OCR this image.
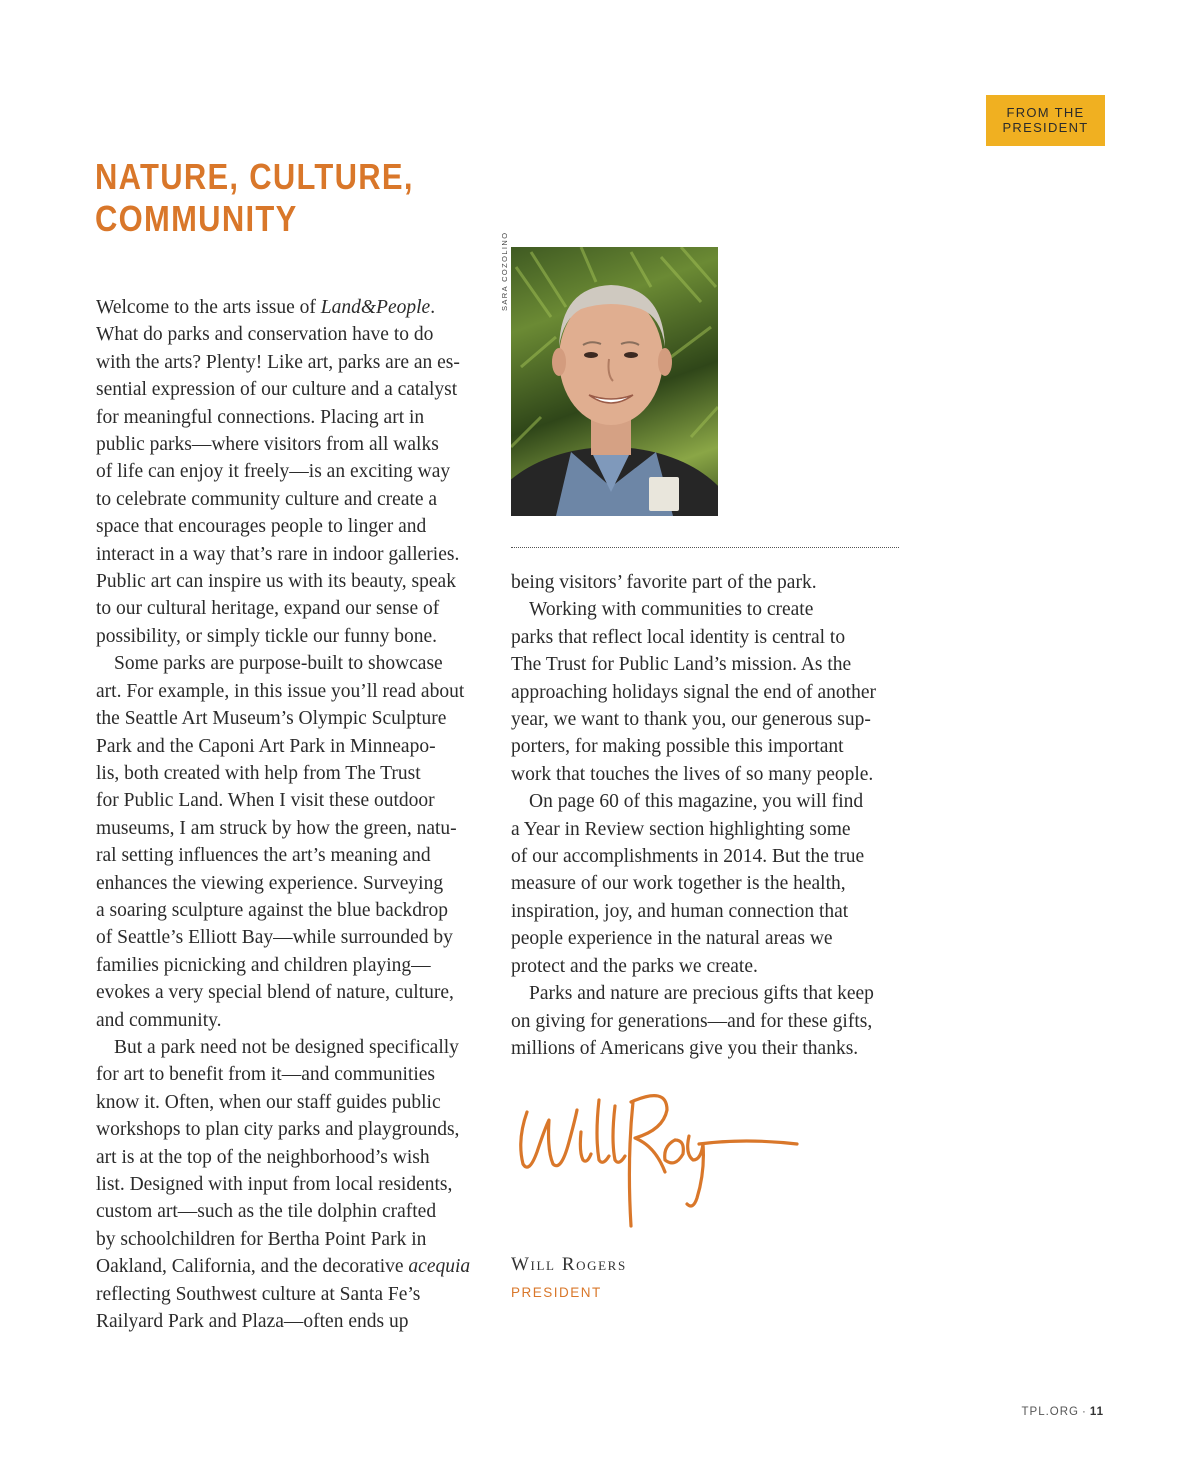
FROM THE
PRESIDENT
NATURE, CULTURE,
COMMUNITY
SARA COZOLINO

Welcome to the arts issue of Land&People.
What do parks and conservation have to do
with the arts? Plenty! Like art, parks are an es-
sential expression of our culture and a catalyst
for meaningful connections. Placing art in
public parks—where visitors from all walks
of life can enjoy it freely—is an exciting way
to celebrate community culture and create a
space that encourages people to linger and
interact in a way that’s rare in indoor galleries.
Public art can inspire us with its beauty, speak
to our cultural heritage, expand our sense of
possibility, or simply tickle our funny bone.

Some parks are purpose-built to showcase
art. For example, in this issue you’ll read about
the Seattle Art Museum’s Olympic Sculpture
Park and the Caponi Art Park in Minneapo-
lis, both created with help from The Trust
for Public Land. When I visit these outdoor
museums, I am struck by how the green, natu-
ral setting influences the art’s meaning and
enhances the viewing experience. Surveying
a soaring sculpture against the blue backdrop
of Seattle’s Elliott Bay—while surrounded by
families picnicking and children playing—
evokes a very special blend of nature, culture,
and community.

But a park need not be designed specifically
for art to benefit from it—and communities
know it. Often, when our staff guides public
workshops to plan city parks and playgrounds,
art is at the top of the neighborhood’s wish
list. Designed with input from local residents,
custom art—such as the tile dolphin crafted
by schoolchildren for Bertha Point Park in
Oakland, California, and the decorative acequia
reflecting Southwest culture at Santa Fe’s
Railyard Park and Plaza—often ends up

being visitors’ favorite part of the park.

Working with communities to create
parks that reflect local identity is central to
The Trust for Public Land’s mission. As the
approaching holidays signal the end of another
year, we want to thank you, our generous sup-
porters, for making possible this important
work that touches the lives of so many people.

On page 60 of this magazine, you will find
a Year in Review section highlighting some
of our accomplishments in 2014. But the true
measure of our work together is the health,
inspiration, joy, and human connection that
people experience in the natural areas we
protect and the parks we create.

Parks and nature are precious gifts that keep
on giving for generations—and for these gifts,
millions of Americans give you their thanks.

Will Rogers
PRESIDENT
TPL.ORG · 11
